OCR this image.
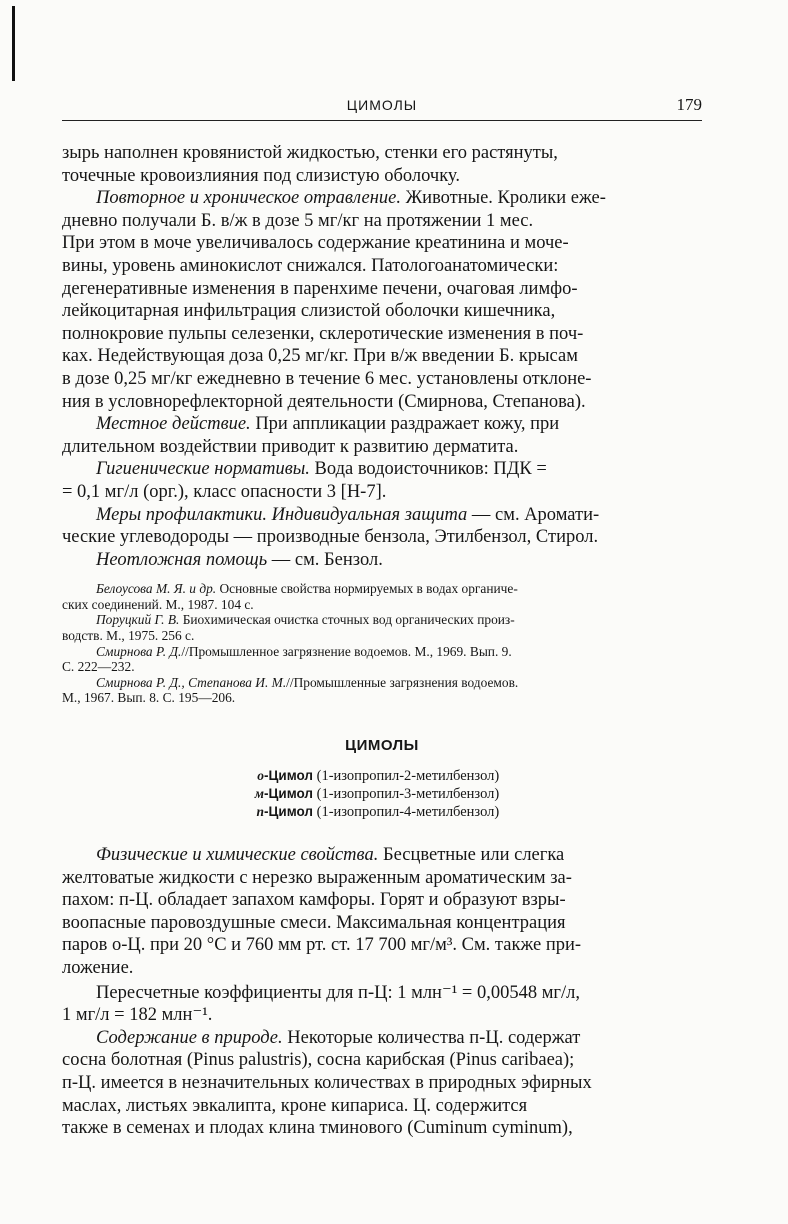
ЦИМОЛЫ	179
зырь наполнен кровянистой жидкостью, стенки его растянуты,
точечные кровоизлияния под слизистую оболочку.
Повторное и хроническое отравление. Животные. Кролики еже-
дневно получали Б. в/ж в дозе 5 мг/кг на протяжении 1 мес.
При этом в моче увеличивалось содержание креатинина и моче-
вины, уровень аминокислот снижался. Патологоанатомически:
дегенеративные изменения в паренхиме печени, очаговая лимфо-
лейкоцитарная инфильтрация слизистой оболочки кишечника,
полнокровие пульпы селезенки, склеротические изменения в поч-
ках. Недействующая доза 0,25 мг/кг. При в/ж введении Б. крысам
в дозе 0,25 мг/кг ежедневно в течение 6 мес. установлены отклоне-
ния в условнорефлекторной деятельности (Смирнова, Степанова).
Местное действие. При аппликации раздражает кожу, при
длительном воздействии приводит к развитию дерматита.
Гигиенические нормативы. Вода водоисточников: ПДК =
= 0,1 мг/л (орг.), класс опасности 3 [Н-7].
Меры профилактики. Индивидуальная защита — см. Аромати-
ческие углеводороды — производные бензола, Этилбензол, Стирол.
Неотложная помощь — см. Бензол.
Белоусова М. Я. и др. Основные свойства нормируемых в водах органиче-
ских соединений. М., 1987. 104 с.
Поруцкий Г. В. Биохимическая очистка сточных вод органических произ-
водств. М., 1975. 256 с.
Смирнова Р. Д.//Промышленное загрязнение водоемов. М., 1969. Вып. 9.
С. 222—232.
Смирнова Р. Д., Степанова И. М.//Промышленные загрязнения водоемов.
М., 1967. Вып. 8. С. 195—206.
ЦИМОЛЫ
о-Цимол (1-изопропил-2-метилбензол)
м-Цимол (1-изопропил-3-метилбензол)
п-Цимол (1-изопропил-4-метилбензол)
Физические и химические свойства. Бесцветные или слегка
желтоватые жидкости с нерезко выраженным ароматическим за-
пахом: п-Ц. обладает запахом камфоры. Горят и образуют взры-
воопасные паровоздушные смеси. Максимальная концентрация
паров о-Ц. при 20 °С и 760 мм рт. ст. 17 700 мг/м³. См. также при-
ложение.
Пересчетные коэффициенты для п-Ц: 1 млн⁻¹ = 0,00548 мг/л,
1 мг/л = 182 млн⁻¹.
Содержание в природе. Некоторые количества п-Ц. содержат
сосна болотная (Pinus palustris), сосна карибская (Pinus caribaea);
п-Ц. имеется в незначительных количествах в природных эфирных
маслах, листьях эвкалипта, кроне кипариса. Ц. содержится
также в семенах и плодах клина тминового (Cuminum cyminum),
